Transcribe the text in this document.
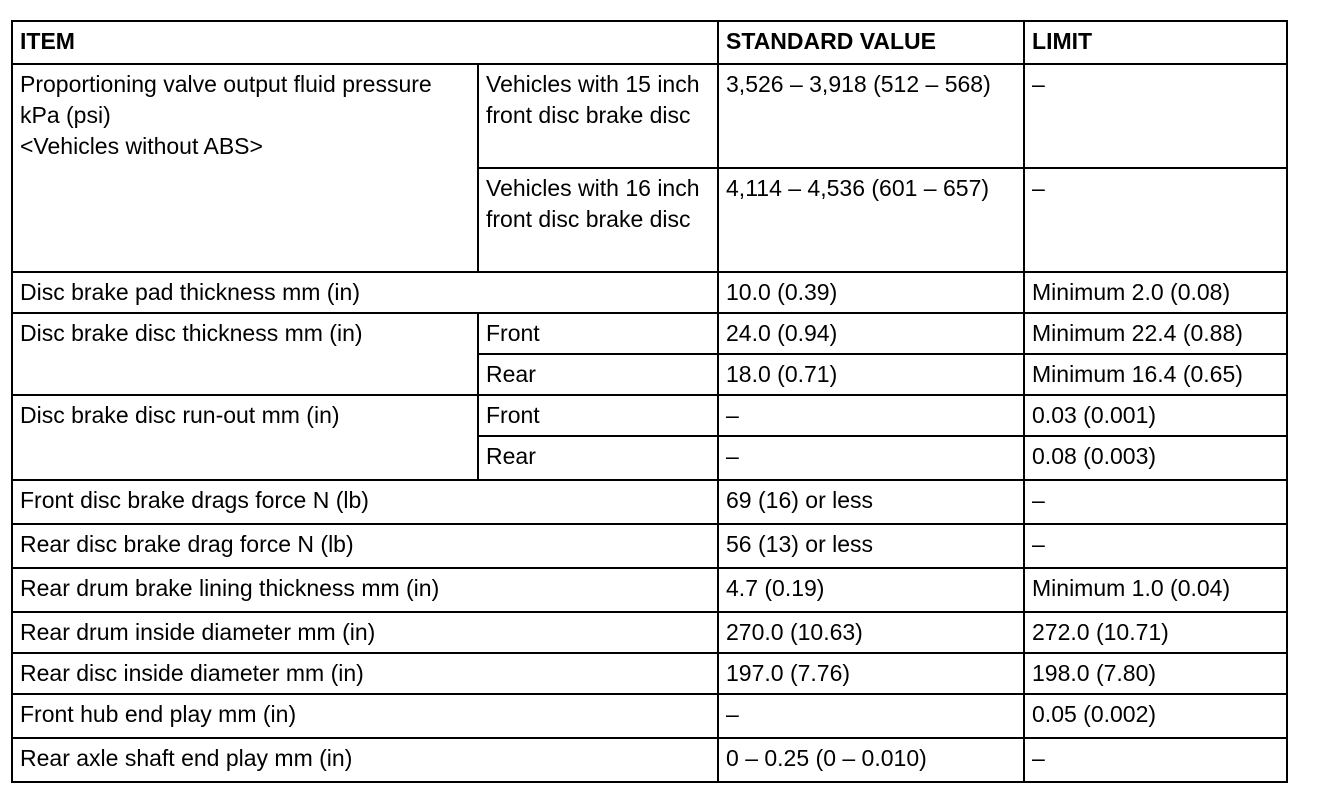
ITEM		STANDARD VALUE	LIMIT
Proportioning valve output fluid pressure kPa (psi)
<Vehicles without ABS>	Vehicles with 15 inch front disc brake disc	3,526 – 3,918 (512 – 568)	–
	Vehicles with 16 inch front disc brake disc	4,114 – 4,536 (601 – 657)	–
Disc brake pad thickness mm (in)		10.0 (0.39)	Minimum 2.0 (0.08)
Disc brake disc thickness mm (in)	Front	24.0 (0.94)	Minimum 22.4 (0.88)
	Rear	18.0 (0.71)	Minimum 16.4 (0.65)
Disc brake disc run-out mm (in)	Front	–	0.03 (0.001)
	Rear	–	0.08 (0.003)
Front disc brake drags force N (lb)		69 (16) or less	–
Rear disc brake drag force N (lb)		56 (13) or less	–
Rear drum brake lining thickness mm (in)		4.7 (0.19)	Minimum 1.0 (0.04)
Rear drum inside diameter mm (in)		270.0 (10.63)	272.0 (10.71)
Rear disc inside diameter mm (in)		197.0 (7.76)	198.0 (7.80)
Front hub end play mm (in)		–	0.05 (0.002)
Rear axle shaft end play mm (in)		0 – 0.25 (0 – 0.010)	–
